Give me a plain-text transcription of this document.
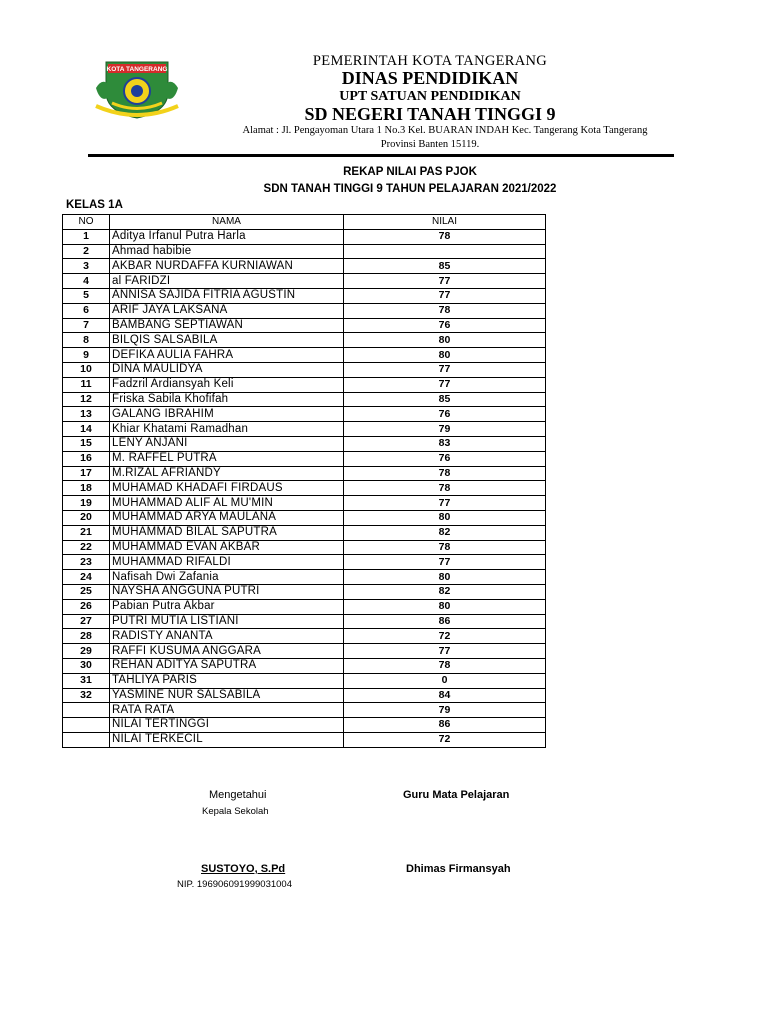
KOTA TANGERANG
PEMERINTAH KOTA TANGERANG
DINAS PENDIDIKAN
UPT SATUAN PENDIDIKAN
SD NEGERI TANAH TINGGI 9
Alamat : Jl. Pengayoman Utara 1 No.3 Kel. BUARAN INDAH Kec. Tangerang Kota Tangerang
Provinsi Banten 15119.
REKAP NILAI PAS PJOK
SDN TANAH TINGGI 9 TAHUN PELAJARAN 2021/2022
KELAS 1A
NO	NAMA	NILAI
1	Aditya Irfanul Putra Harla	78
2	Ahmad habibie	
3	AKBAR NURDAFFA KURNIAWAN	85
4	al FARIDZI	77
5	ANNISA SAJIDA FITRIA AGUSTIN	77
6	ARIF JAYA LAKSANA	78
7	BAMBANG SEPTIAWAN	76
8	BILQIS SALSABILA	80
9	DEFIKA AULIA FAHRA	80
10	DINA MAULIDYA	77
11	Fadzril Ardiansyah Keli	77
12	Friska Sabila Khofifah	85
13	GALANG IBRAHIM	76
14	Khiar Khatami Ramadhan	79
15	LENY ANJANI	83
16	M. RAFFEL PUTRA	76
17	M.RIZAL AFRIANDY	78
18	MUHAMAD KHADAFI FIRDAUS	78
19	MUHAMMAD ALIF AL MU'MIN	77
20	MUHAMMAD ARYA MAULANA	80
21	MUHAMMAD BILAL SAPUTRA	82
22	MUHAMMAD EVAN AKBAR	78
23	MUHAMMAD RIFALDI	77
24	Nafisah Dwi Zafania	80
25	NAYSHA ANGGUNA PUTRI	82
26	Pabian Putra Akbar	80
27	PUTRI MUTIA LISTIANI	86
28	RADISTY ANANTA	72
29	RAFFI KUSUMA ANGGARA	77
30	REHAN ADITYA SAPUTRA	78
31	TAHLIYA PARIS	0
32	YASMINE NUR SALSABILA	84
	RATA RATA	79
	NILAI TERTINGGI	86
	NILAI TERKECIL	72
Mengetahui
Kepala Sekolah
Guru Mata Pelajaran
SUSTOYO, S.Pd
NIP. 196906091999031004
Dhimas Firmansyah
